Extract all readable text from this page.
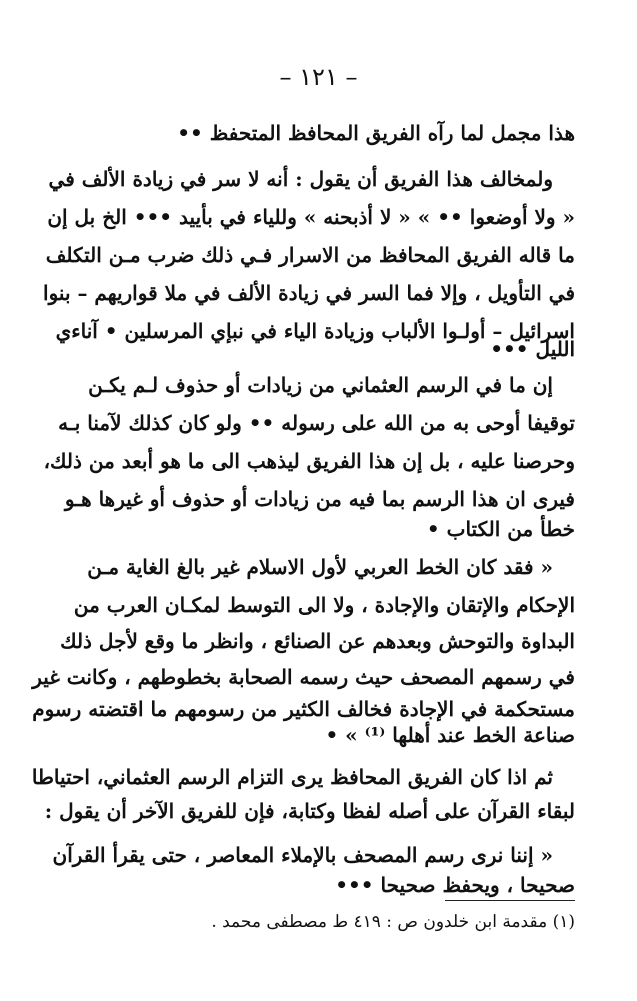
– ١٢١ –
هذا مجمل لما رآه الفريق المحافظ المتحفظ ••
ولمخالف هذا الفريق أن يقول : أنه لا سر في زيادة الألف في
« ولا أوضعوا •• » « لا أذبحنه » وللياء في بأييد ••• الخ بل إن
ما قاله الفريق المحافظ من الاسرار فـي ذلك ضرب مـن التكلف
في التأويل ، وإلا فما السر في زيادة الألف في ملا قواريهم – بنوا
اسرائيل – أولـوا الألباب وزيادة الياء في نبإي المرسلين • آناءي
الليل •••
إن ما في الرسم العثماني من زيادات أو حذوف لـم يكـن
توقيفا أوحى به من الله على رسوله •• ولو كان كذلك لآمنا بـه
وحرصنا عليه ، بل إن هذا الفريق ليذهب الى ما هو أبعد من ذلك،
فيرى ان هذا الرسم بما فيه من زيادات أو حذوف أو غيرها هـو
خطأ من الكتاب •
« فقد كان الخط العربي لأول الاسلام غير بالغ الغاية مـن
الإحكام والإتقان والإجادة ، ولا الى التوسط لمكـان العرب من
البداوة والتوحش وبعدهم عن الصنائع ، وانظر ما وقع لأجل ذلك
في رسمهم المصحف حيث رسمه الصحابة بخطوطهم ، وكانت غير
مستحكمة في الإجادة فخالف الكثير من رسومهم ما اقتضته رسوم
صناعة الخط عند أهلها ⁽¹⁾ » •
ثم اذا كان الفريق المحافظ يرى التزام الرسم العثماني، احتياطا
لبقاء القرآن على أصله لفظا وكتابة، فإن للفريق الآخر أن يقول :
« إننا نرى رسم المصحف بالإملاء المعاصر ، حتى يقرأ القرآن
صحيحا ، ويحفظ صحيحا •••
(١) مقدمة ابن خلدون ص : ٤١٩ ط مصطفى محمد .
